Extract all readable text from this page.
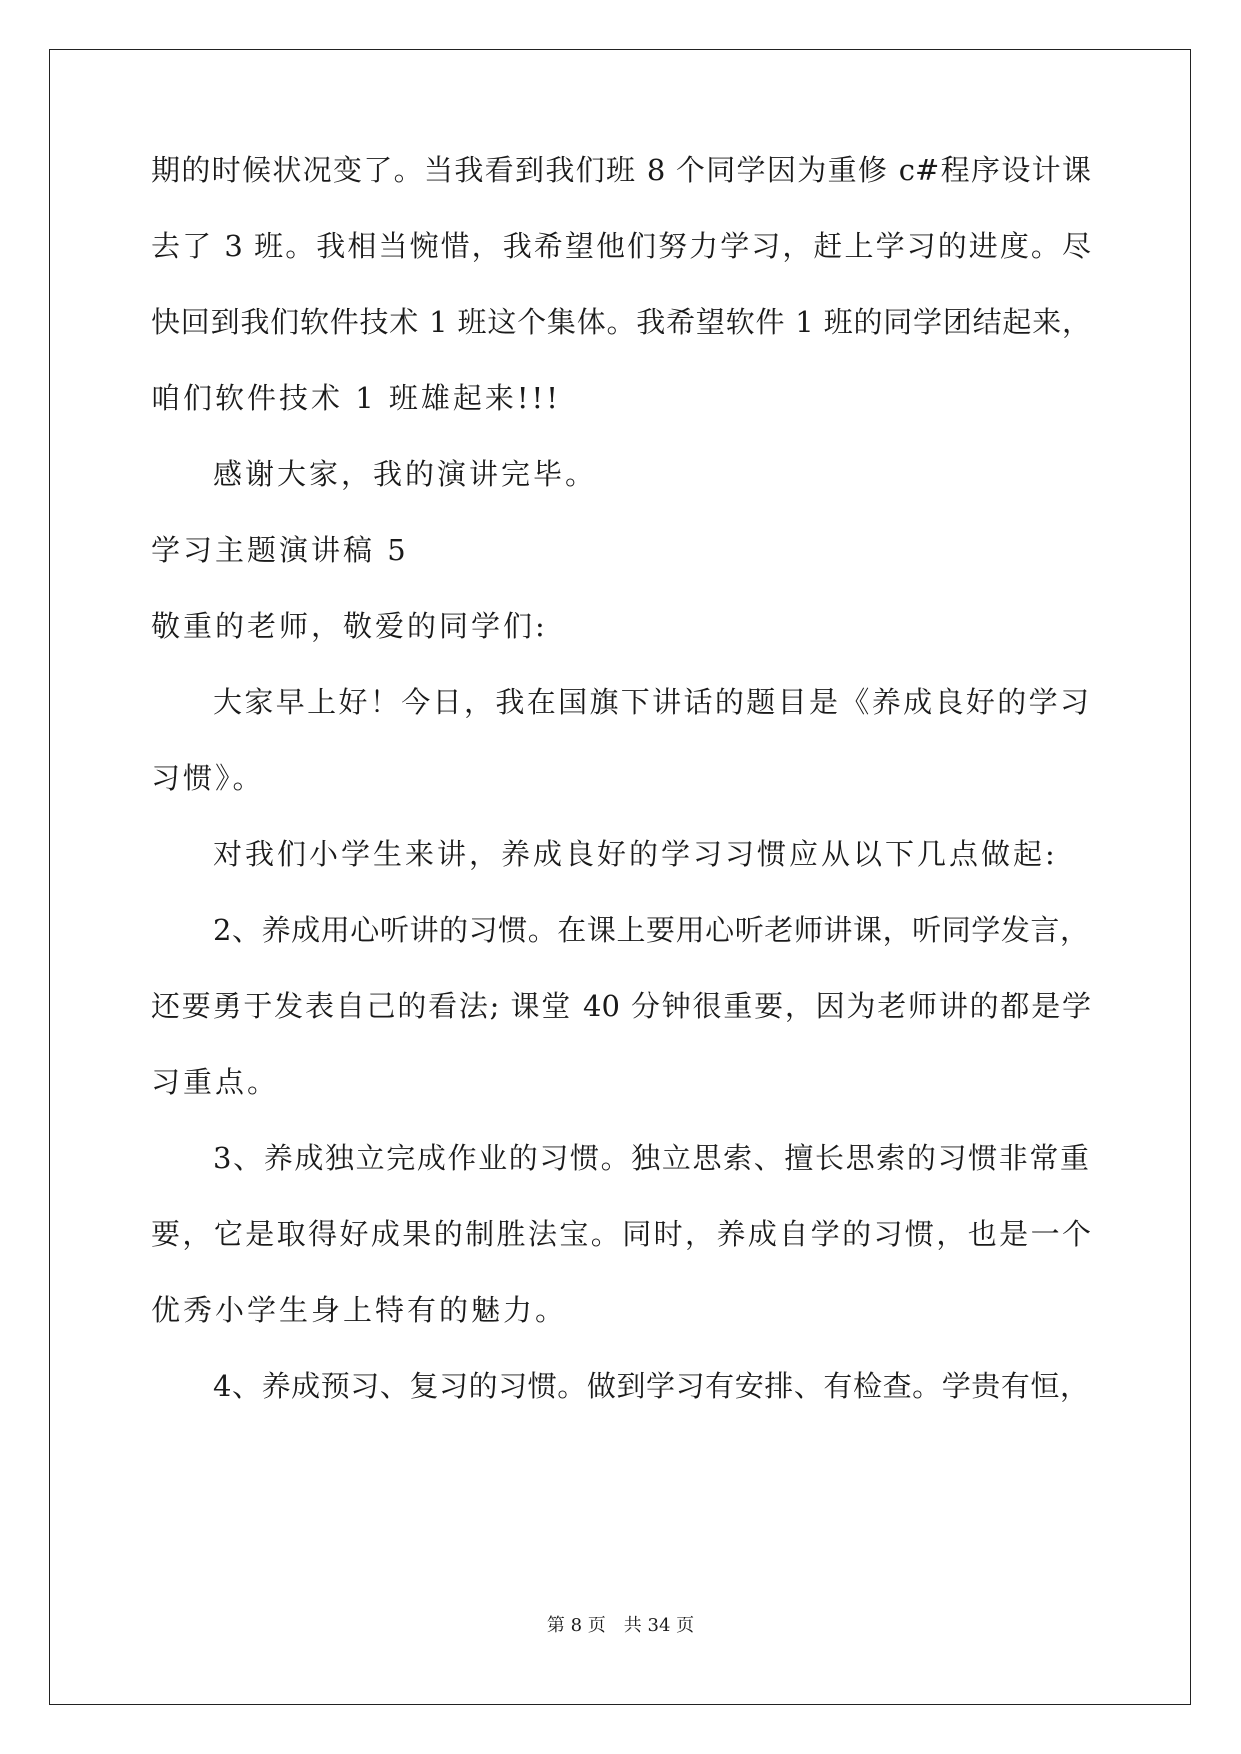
期的时候状况变了。当我看到我们班 8 个同学因为重修 c#程序设计课
去了 3 班。我相当惋惜，我希望他们努力学习，赶上学习的进度。尽
快回到我们软件技术 1 班这个集体。我希望软件 1 班的同学团结起来，
咱们软件技术 1 班雄起来!!!
感谢大家，我的演讲完毕。
学习主题演讲稿 5
敬重的老师，敬爱的同学们:
大家早上好！今日，我在国旗下讲话的题目是《养成良好的学习
习惯》。
对我们小学生来讲，养成良好的学习习惯应从以下几点做起:
2、养成用心听讲的习惯。在课上要用心听老师讲课，听同学发言，
还要勇于发表自己的看法; 课堂 40 分钟很重要，因为老师讲的都是学
习重点。
3、养成独立完成作业的习惯。独立思索、擅长思索的习惯非常重
要，它是取得好成果的制胜法宝。同时，养成自学的习惯，也是一个
优秀小学生身上特有的魅力。
4、养成预习、复习的习惯。做到学习有安排、有检查。学贵有恒，
第 8 页 共 34 页
